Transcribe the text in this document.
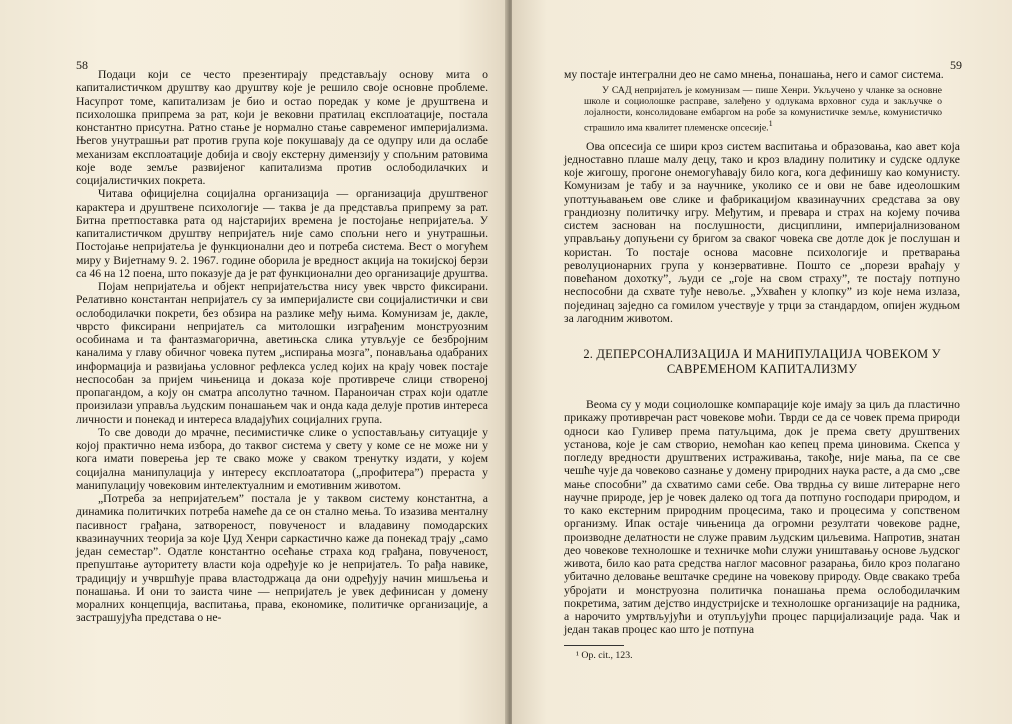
58

Подаци који се често презентирају представљају основу мита о капиталистичком друштву као друштву које је решило своје основне проблеме. Насупрот томе, капитализам је био и остао поредак у коме је друштвена и психолошка припрема за рат, који је вековни пратилац експлоатације, постала константно присутна. Ратно стање је нормално стање савременог империјализма. Његов унутрашњи рат против група које покушавају да се одупру или да ослабе механизам експлоатације добија и своју екстерну димензију у спољним ратовима које воде земље развијеног капитализма против ослободилачких и социјалистичких покрета.

Читава официјелна социјална организација — организација друштвеног карактера и друштвене психологије — таква је да представља припрему за рат. Битна претпоставка рата од најстаријих времена је постојање непријатеља. У капиталистичком друштву непријатељ није само спољни него и унутрашњи. Постојање непријатеља је функционални део и потреба система. Вест о могућем миру у Вијетнаму 9. 2. 1967. године оборила је вредност акција на токијској берзи са 46 на 12 поена, што показује да је рат функционални део организације друштва.

Појам непријатеља и објект непријатељства нису увек чврсто фиксирани. Релативно константан непријатељ су за империјалисте сви социјалистички и сви ослободилачки покрети, без обзира на разлике међу њима. Комунизам је, дакле, чврсто фиксирани непријатељ са митолошки изграђеним монструозним особинама и та фантазмагорична, аветињска слика утувљује се безбројним каналима у главу обичног човека путем „испирања мозга”, понављања одабраних информација и развијања условног рефлекса услед којих на крају човек постаје неспособан за пријем чињеница и доказа које противрече слици створеној пропагандом, а коју он сматра апсолутно тачном. Параноичан страх који одатле произилази управља људским понашањем чак и онда када делује против интереса личности и понекад и интереса владајућих социјалних група.

То све доводи до мрачне, песимистичке слике о успостављању ситуације у којој практично нема избора, до таквог система у свету у коме се не може ни у кога имати поверења јер те свако може у сваком тренутку издати, у којем социјална манипулација у интересу експлоататора („профитера”) прераста у манипулацију човековим интелектуалним и емотивним животом.

„Потреба за непријатељем” постала је у таквом систему константна, а динамика политичких потреба намеће да се он стално мења. То изазива менталну пасивност грађана, затвореност, повученост и владавину помодарских квазинаучних теорија за које Џуд Хенри саркастично каже да понекад трају „само један семестар”. Одатле константно осећање страха код грађана, повученост, препуштање ауторитету власти која одређује ко је непријатељ. То рађа навике, традицију и учвршћује права властодржаца да они одређују начин мишљења и понашања. И они то заиста чине — непријатељ је увек дефинисан у домену моралних концепција, васпитања, права, економике, политичке организације, а застрашујућа представа о не-

59

му постаје интегрални део не само мнења, понашања, него и самог система.

У САД непријатељ је комунизам — пише Хенри. Укључено у чланке за основне школе и социолошке расправе, залеђено у одлукама врховног суда и закључке о лојалности, консолидоване ембаргом на робе за комунистичке земље, комунистичко страшило има квалитет племенске опсесије.$^1$

Ова опсесија се шири кроз систем васпитања и образовања, као авет која једнoставно плаше малу децу, тако и кроз владину политику и судске одлуке које жигошу, прогоне онемогућавају било кога, кога дефинишу као комунисту. Комунизам је табу и за научнике, уколико се и ови не баве идеолошким употтуњавањем ове слике и фабрикацијом квазинаучних средстава за ову грандиозну политичку игру. Међутим, и превара и страх на којему почива систем заснован на послушности, дисциплини, империјалнизованом управљању допуњени су бригом за сваког човека све дотле док је послушан и користан. То постаје основа масовне психологије и претварања револуционарних група у конзервативне. Пошто се „порези враћају у повећаном дохотку”, људи се „гоје на свом страху”, те постају потпуно неспособни да схвате туђе невоље. „Ухваћен у клопку” из које нема излаза, појединац заједно са гомилом учествује у трци за стандардом, опијен жудњом за лагодним животом.

2. ДЕПЕРСОНАЛИЗАЦИЈА И МАНИПУЛАЦИЈА ЧОВЕКОМ У
САВРЕМЕНОМ КАПИТАЛИЗМУ

Веома су у моди социолошке компарације које имају за циљ да пластично прикажу противречан раст човекове моћи. Тврди се да се човек према природи односи као Гуливер према патуљцима, док је према свету друштвених установа, које је сам створио, немоћан као кепец према џиновима. Скепса у погледу вредности друштвених истраживања, такође, није мања, па се све чешће чује да човеково сазнање у домену природних наука расте, а да смо „све мање способни” да схватимо сами себе. Ова тврдња су више литерарне него научне природе, јер је човек далеко од тога да потпуно господари природом, и то како екстерним природним процесима, тако и процесима у сопственом организму. Ипак остаје чињеница да огромни резултати човекове радне, производне делатности не служе правим људским циљевима. Напротив, знатан део човекове технолошке и техничке моћи служи уништавању основе људског живота, било као рата средства наглог масовног разарања, било кроз полагано убитачно деловање вештачке средине на човекову природу. Овде свакако треба убројати и монструозна политичка понашања према ослободилачким покретима, затим дејство индустријске и технолошке организације на радника, а нарочито умртвљујући и отупљујући процес парцијализације рада. Чак и један такав процес као што је потпуна

¹ Op. cit., 123.
